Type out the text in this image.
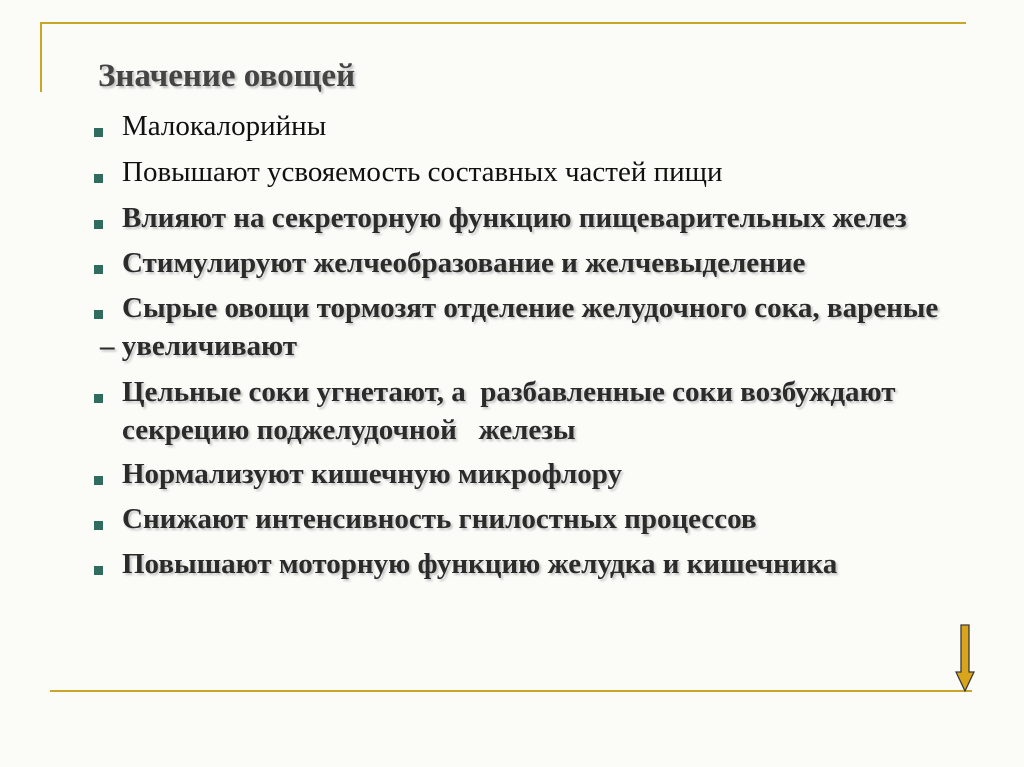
Значение овощей
Малокалорийны
Повышают усвояемость составных частей пищи
Влияют на секреторную функцию пищеварительных желез
Стимулируют желчеобразование и желчевыделение
Сырые овощи тормозят отделение желудочного сока, вареные
– увеличивают
Цельные соки угнетают, а  разбавленные соки возбуждают
секрецию поджелудочной   железы
Нормализуют кишечную микрофлору
Снижают интенсивность гнилостных процессов
Повышают моторную функцию желудка и кишечника
